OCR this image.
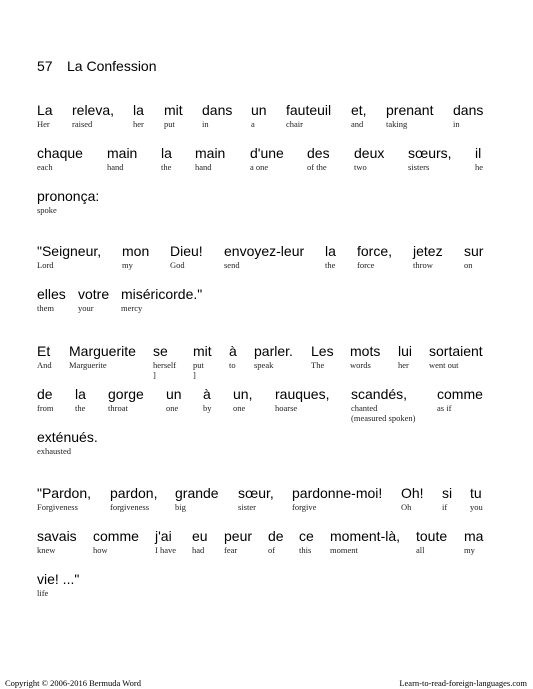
57 La Confession
La
Her
releva,
raised
la
her
mit
put
dans
in
un
a
fauteuil
chair
et,
and
prenant
taking
dans
in
chaque
each
main
hand
la
the
main
hand
d'une
a one
des
of the
deux
two
sœurs,
sisters
il
he
prononça:
spoke
"Seigneur,
Lord
mon
my
Dieu!
God
envoyez-leur
send
la
the
force,
force
jetez
throw
sur
on
elles
them
votre
your
miséricorde."
mercy
Et
And
Marguerite
Marguerite
se
herself
]
mit
put
]
à
to
parler.
speak
Les
The
mots
words
lui
her
sortaient
went out
de
from
la
the
gorge
throat
un
one
à
by
un,
one
rauques,
hoarse
scandés,
chanted
(measured spoken)
comme
as if
exténués.
exhausted
"Pardon,
Forgiveness
pardon,
forgiveness
grande
big
sœur,
sister
pardonne-moi!
forgive
Oh!
Oh
si
if
tu
you
savais
knew
comme
how
j'ai
I have
eu
had
peur
fear
de
of
ce
this
moment-là,
moment
toute
all
ma
my
vie! ..."
life
Copyright © 2006-2016 Bermuda Word	Learn-to-read-foreign-languages.com
